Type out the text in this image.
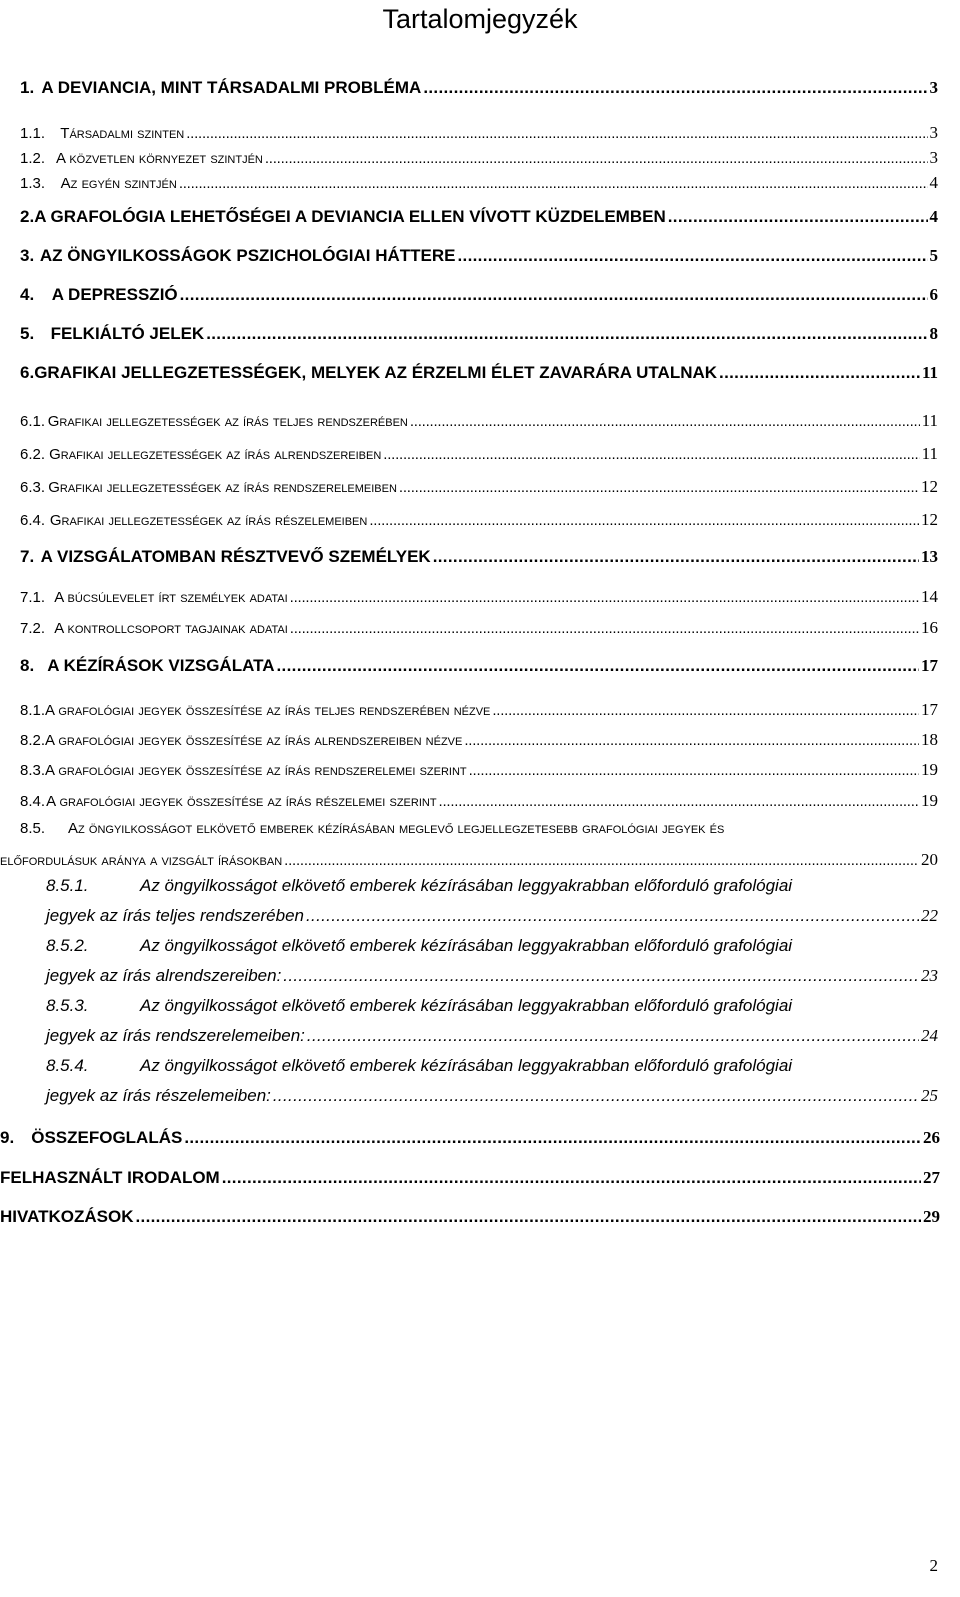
Tartalomjegyzék
1. A DEVIANCIA, MINT TÁRSADALMI PROBLÉMA . . .	3
1.1.	Társadalmi szinten . . .	3
1.2. A közvetlen környezet szintjén . . .	3
1.3.	Az egyén szintjén . . .	4
2. A GRAFOLÓGIA LEHETŐSÉGEI A DEVIANCIA ELLEN VÍVOTT KÜZDELEMBEN . . .	4
3. AZ ÖNGYILKOSSÁGOK PSZICHOLÓGIAI HÁTTERE . . .	5
4.	A DEPRESSZIÓ . . .	6
5. FELKIÁLTÓ JELEK . . .	8
6. GRAFIKAI JELLEGZETESSÉGEK, MELYEK AZ ÉRZELMI ÉLET ZAVARÁRA UTALNAK . . .	11
6.1. Grafikai jellegzetességek az írás teljes rendszerében . . .	11
6.2. Grafikai jellegzetességek az írás alrendszereiben . . .	11
6.3. Grafikai jellegzetességek az írás rendszerelemeiben . . .	12
6.4. Grafikai jellegzetességek az írás részelemeiben . . .	12
7. A VIZSGÁLATOMBAN RÉSZTVEVŐ SZEMÉLYEK . . .	13
7.1. A búcsúlevelet írt személyek adatai . . .	14
7.2. A kontrollcsoport tagjainak adatai . . .	16
8. A KÉZÍRÁSOK VIZSGÁLATA . . .	17
8.1. A grafológiai jegyek összesítése az írás teljes rendszerében nézve . . .	17
8.2. A grafológiai jegyek összesítése az írás alrendszereiben nézve . . .	18
8.3. A grafológiai jegyek összesítése az írás rendszerelemei szerint . . .	19
8.4. A grafológiai jegyek összesítése az írás részelemei szerint . . .	19
8.5.	Az öngyilkosságot elkövető emberek kézírásában meglevő legjellegzetesebb grafológiai jegyek és
előfordulásuk aránya a vizsgált írásokban . . .	20
8.5.1.	Az öngyilkosságot elkövető emberek kézírásában leggyakrabban előforduló grafológiai
jegyek az írás teljes rendszerében . . .	22
8.5.2.	Az öngyilkosságot elkövető emberek kézírásában leggyakrabban előforduló grafológiai
jegyek az írás alrendszereiben: . . .	23
8.5.3.	Az öngyilkosságot elkövető emberek kézírásában leggyakrabban előforduló grafológiai
jegyek az írás rendszerelemeiben: . . .	24
8.5.4.	Az öngyilkosságot elkövető emberek kézírásában leggyakrabban előforduló grafológiai
jegyek az írás részelemeiben: . . .	25
9.	ÖSSZEFOGLALÁS . . .	26
FELHASZNÁLT IRODALOM . . .	27
HIVATKOZÁSOK . . .	29
2
